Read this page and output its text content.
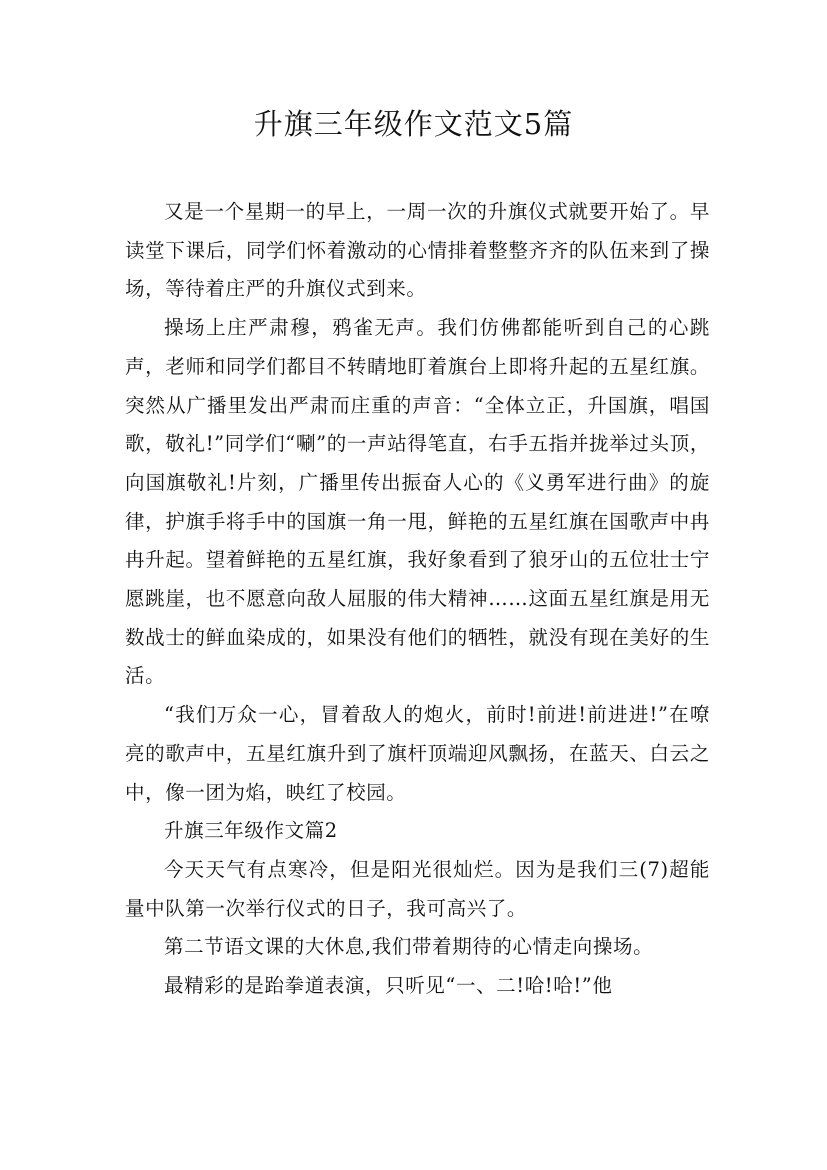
升旗三年级作文范文5篇

又是一个星期一的早上，一周一次的升旗仪式就要开始了。早读堂下课后，同学们怀着激动的心情排着整整齐齐的队伍来到了操场，等待着庄严的升旗仪式到来。

操场上庄严肃穆，鸦雀无声。我们仿佛都能听到自己的心跳声，老师和同学们都目不转睛地盯着旗台上即将升起的五星红旗。突然从广播里发出严肃而庄重的声音：“全体立正，升国旗，唱国歌，敬礼!”同学们“唰”的一声站得笔直，右手五指并拢举过头顶，向国旗敬礼!片刻，广播里传出振奋人心的《义勇军进行曲》的旋律，护旗手将手中的国旗一角一甩，鲜艳的五星红旗在国歌声中冉冉升起。望着鲜艳的五星红旗，我好象看到了狼牙山的五位壮士宁愿跳崖，也不愿意向敌人屈服的伟大精神……这面五星红旗是用无数战士的鲜血染成的，如果没有他们的牺牲，就没有现在美好的生活。

“我们万众一心，冒着敌人的炮火，前时!前进!前进进!”在嘹亮的歌声中，五星红旗升到了旗杆顶端迎风飘扬，在蓝天、白云之中，像一团为焰，映红了校园。

升旗三年级作文篇2

今天天气有点寒冷，但是阳光很灿烂。因为是我们三(7)超能量中队第一次举行仪式的日子，我可高兴了。

第二节语文课的大休息,我们带着期待的心情走向操场。

最精彩的是跆拳道表演，只听见“一、二!哈!哈!”他
